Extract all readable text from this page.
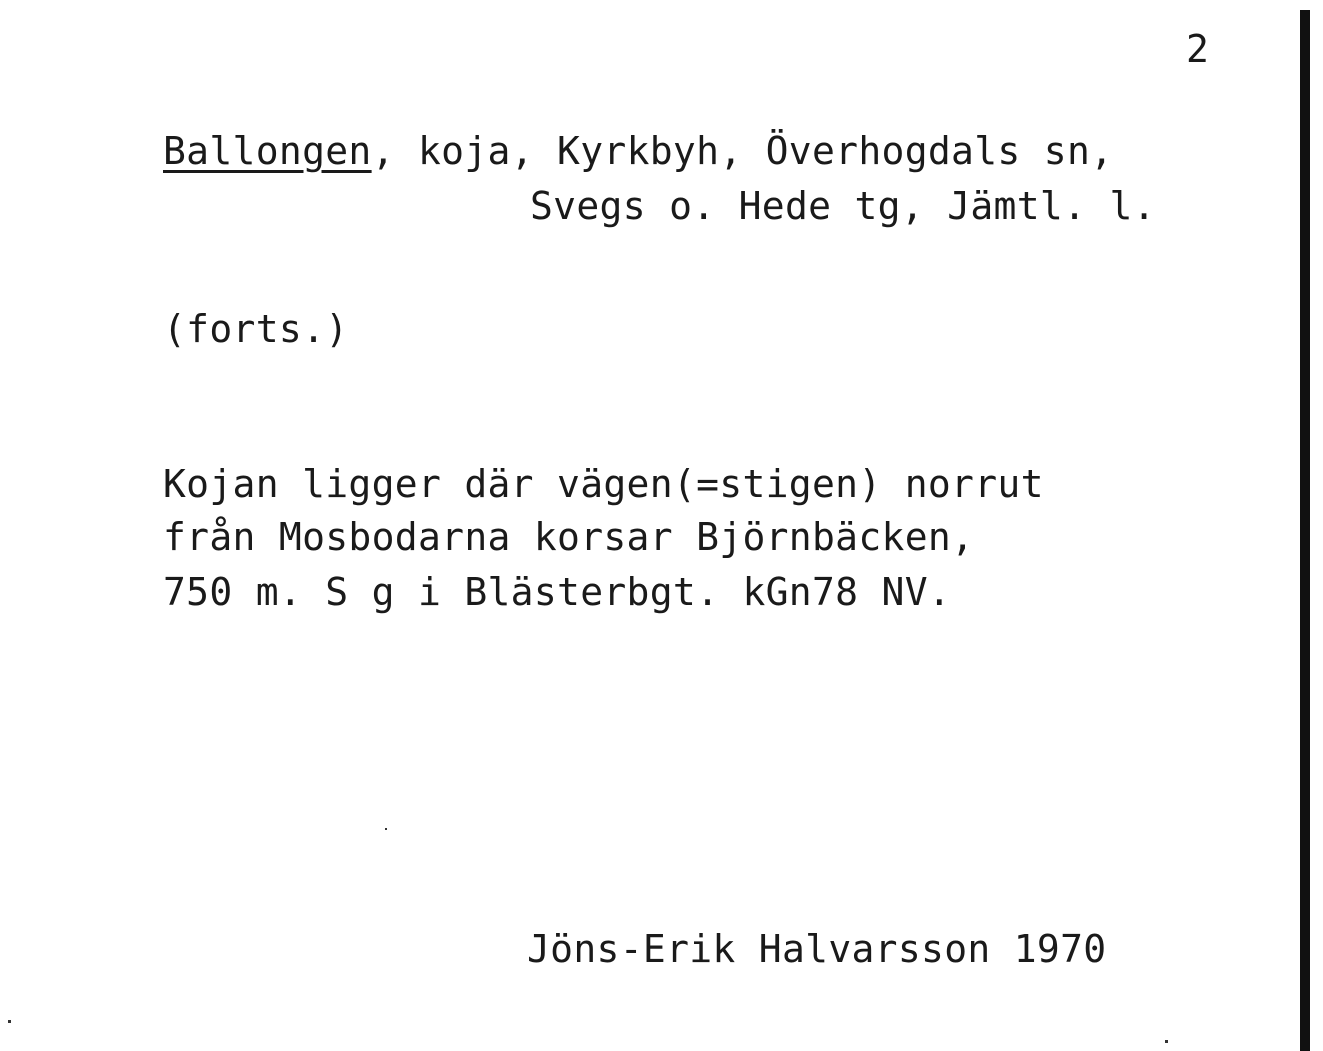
2
Ballongen, koja, Kyrkbyh, Överhogdals sn,
Svegs o. Hede tg, Jämtl. l.
(forts.)
Kojan ligger där vägen(=stigen) norrut
från Mosbodarna korsar Björnbäcken,
750 m. S g i Blästerbgt. kGn78 NV.
Jöns-Erik Halvarsson 1970
